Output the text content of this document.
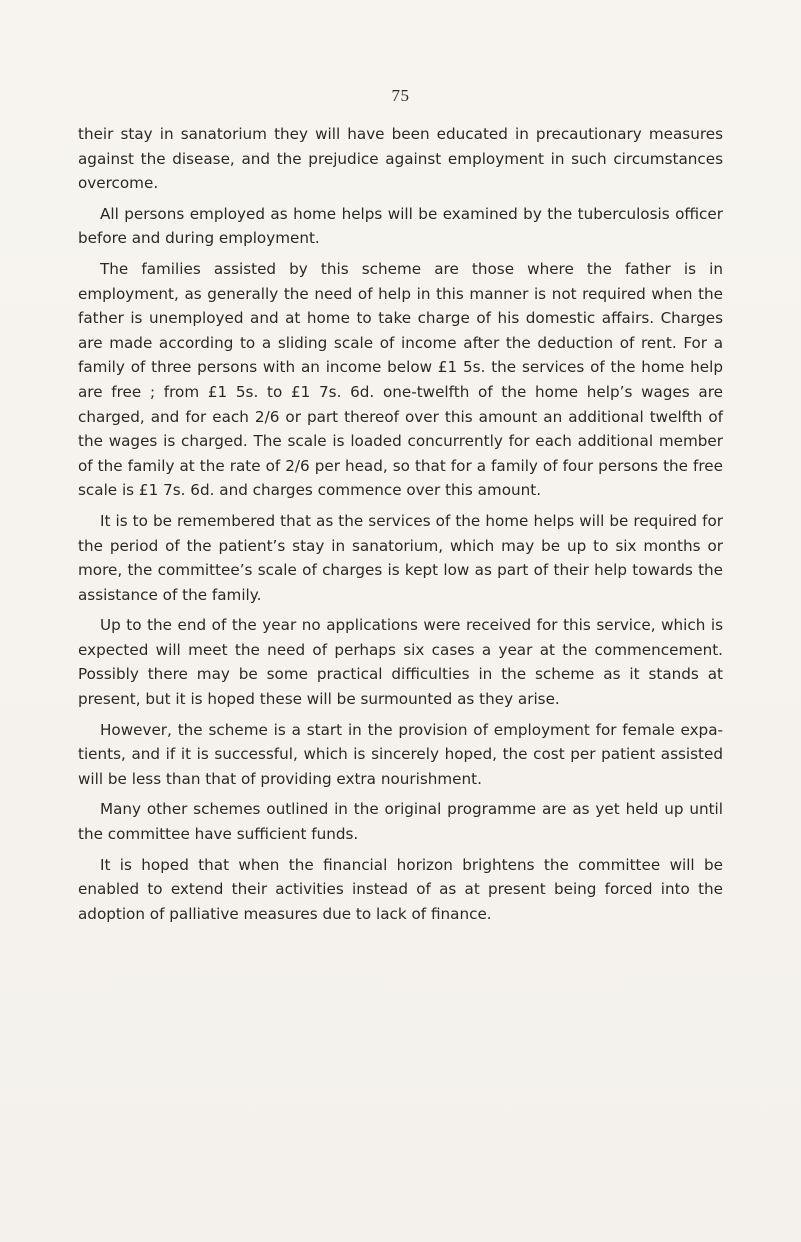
75

their stay in sanatorium they will have been educated in precautionary measures against the disease, and the prejudice against employment in such circumstances overcome.

All persons employed as home helps will be examined by the tuberculosis officer before and during employment.

The families assisted by this scheme are those where the father is in employment, as generally the need of help in this manner is not required when the father is unemployed and at home to take charge of his domestic affairs. Charges are made according to a sliding scale of income after the deduction of rent. For a family of three persons with an income below £1 5s. the services of the home help are free ; from £1 5s. to £1 7s. 6d. one-twelfth of the home help’s wages are charged, and for each 2/6 or part thereof over this amount an additional twelfth of the wages is charged. The scale is loaded concurrently for each additional member of the family at the rate of 2/6 per head, so that for a family of four persons the free scale is £1 7s. 6d. and charges commence over this amount.

It is to be remembered that as the services of the home helps will be required for the period of the patient’s stay in sanatorium, which may be up to six months or more, the committee’s scale of charges is kept low as part of their help towards the assistance of the family.

Up to the end of the year no applications were received for this service, which is expected will meet the need of perhaps six cases a year at the commencement. Possibly there may be some practical difficulties in the scheme as it stands at present, but it is hoped these will be surmounted as they arise.

However, the scheme is a start in the provision of employment for female expatients, and if it is successful, which is sincerely hoped, the cost per patient assisted will be less than that of providing extra nourishment.

Many other schemes outlined in the original programme are as yet held up until the committee have sufficient funds.

It is hoped that when the financial horizon brightens the committee will be enabled to extend their activities instead of as at present being forced into the adoption of palliative measures due to lack of finance.
